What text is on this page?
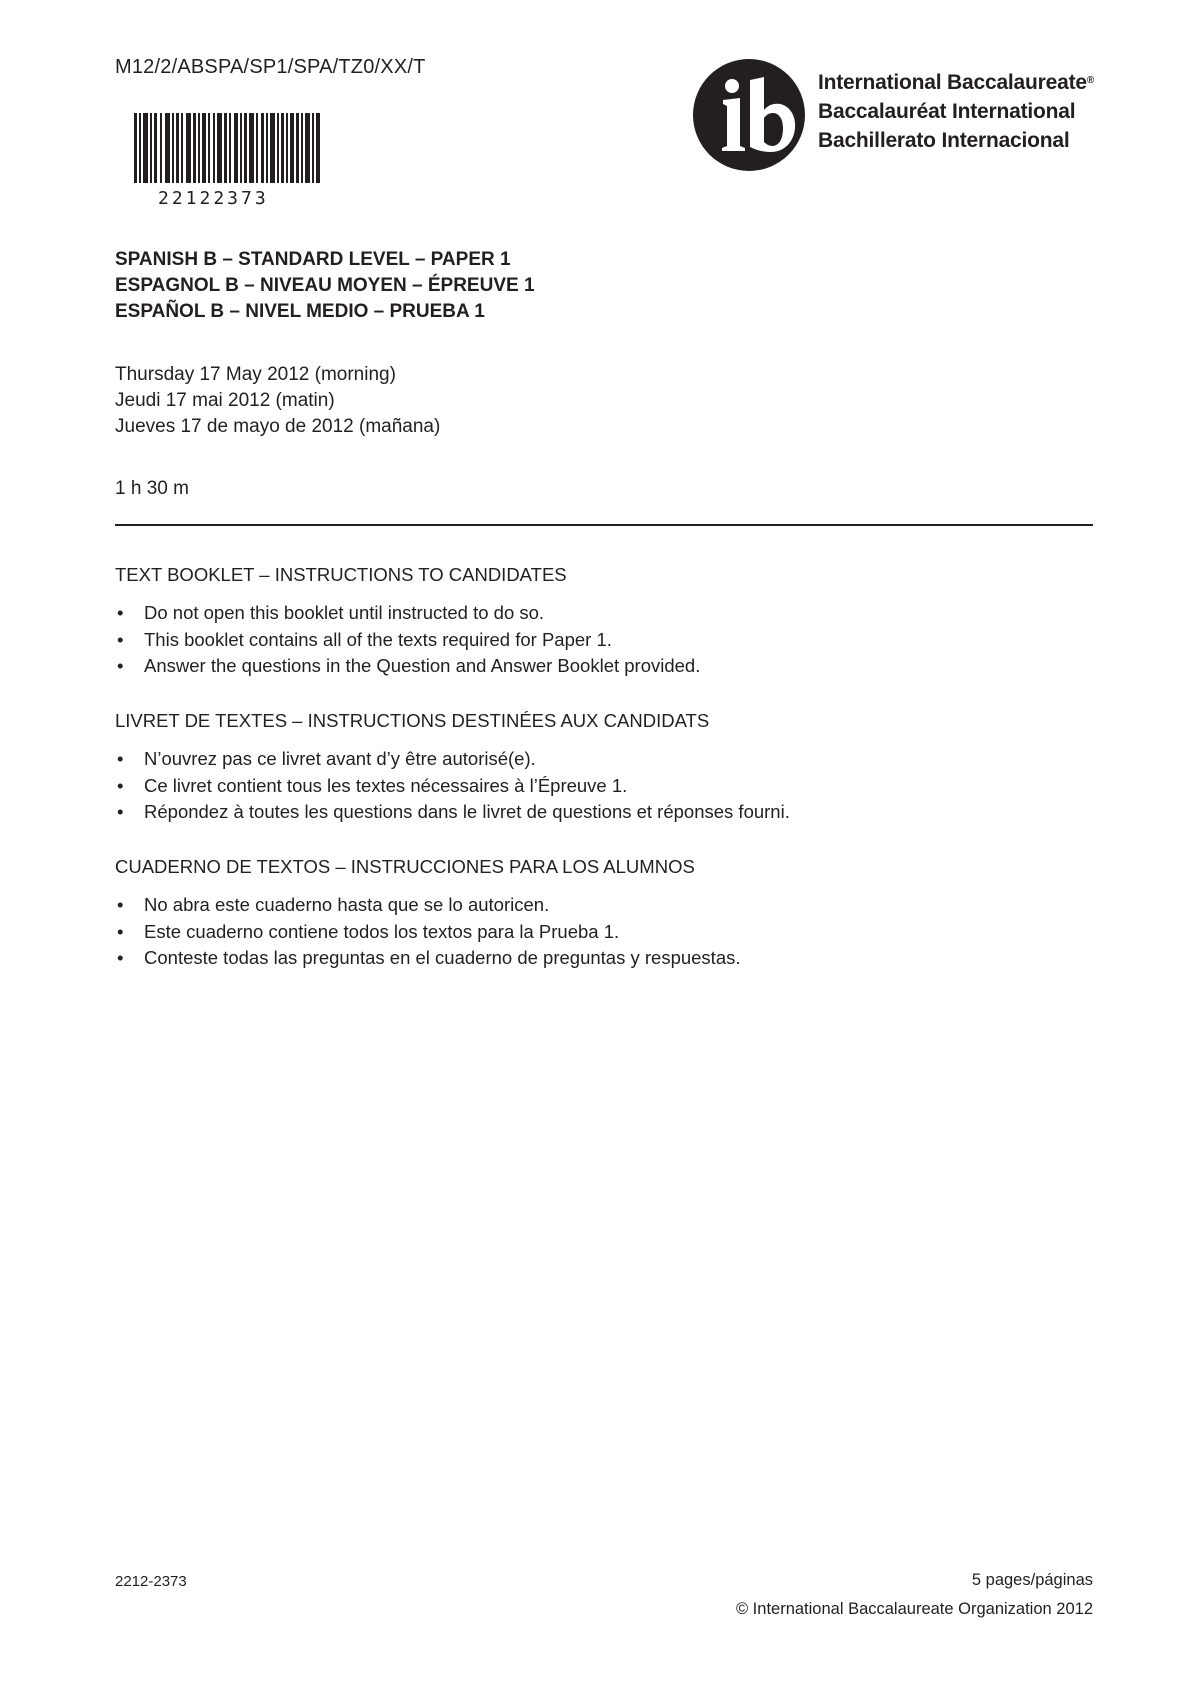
M12/2/ABSPA/SP1/SPA/TZ0/XX/T
22122373
International Baccalaureate®
Baccalauréat International
Bachillerato Internacional
SPANISH B – STANDARD LEVEL – PAPER 1
ESPAGNOL B – NIVEAU MOYEN – ÉPREUVE 1
ESPAÑOL B – NIVEL MEDIO – PRUEBA 1
Thursday 17 May 2012 (morning)
Jeudi 17 mai 2012 (matin)
Jueves 17 de mayo de 2012 (mañana)
1 h 30 m
TEXT BOOKLET – INSTRUCTIONS TO CANDIDATES
• Do not open this booklet until instructed to do so.
• This booklet contains all of the texts required for Paper 1.
• Answer the questions in the Question and Answer Booklet provided.
LIVRET DE TEXTES – INSTRUCTIONS DESTINÉES AUX CANDIDATS
• N’ouvrez pas ce livret avant d’y être autorisé(e).
• Ce livret contient tous les textes nécessaires à l’Épreuve 1.
• Répondez à toutes les questions dans le livret de questions et réponses fourni.
CUADERNO DE TEXTOS – INSTRUCCIONES PARA LOS ALUMNOS
• No abra este cuaderno hasta que se lo autoricen.
• Este cuaderno contiene todos los textos para la Prueba 1.
• Conteste todas las preguntas en el cuaderno de preguntas y respuestas.
2212-2373	5 pages/páginas
© International Baccalaureate Organization 2012
